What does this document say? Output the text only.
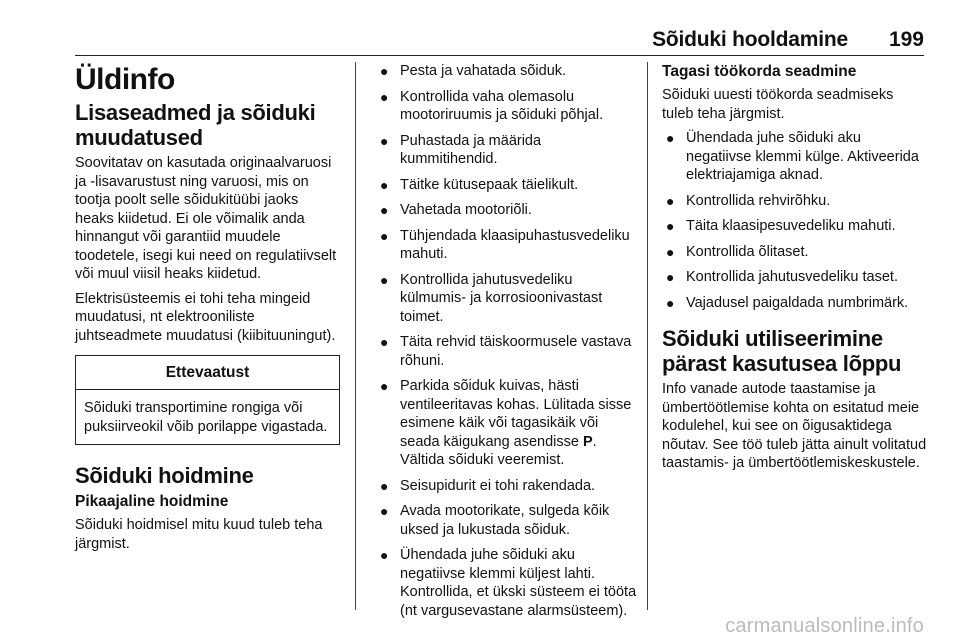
Sõiduki hooldamine 199
Üldinfo
Lisaseadmed ja sõiduki muudatused

Soovitatav on kasutada originaalvaruosi ja -lisavarustust ning varuosi, mis on tootja poolt selle sõidukitüübi jaoks heaks kiidetud. Ei ole võimalik anda hinnangut või garantiid muudele toodetele, isegi kui need on regulatiivselt või muul viisil heaks kiidetud.

Elektrisüsteemis ei tohi teha mingeid muudatusi, nt elektrooniliste juhtseadmete muudatusi (kiibituuningut).

Ettevaatust
Sõiduki transportimine rongiga või puksiirveokil võib porilappe vigastada.
Sõiduki hoidmine
Pikaajaline hoidmine

Sõiduki hoidmisel mitu kuud tuleb teha järgmist.

● Pesta ja vahatada sõiduk.
● Kontrollida vaha olemasolu mootoriruumis ja sõiduki põhjal.
● Puhastada ja määrida kummitihendid.
● Täitke kütusepaak täielikult.
● Vahetada mootoriõli.
● Tühjendada klaasipuhastusvedeliku mahuti.
● Kontrollida jahutusvedeliku külmumis- ja korrosioonivastast toimet.
● Täita rehvid täiskoormusele vastava rõhuni.
● Parkida sõiduk kuivas, hästi ventileeritavas kohas. Lülitada sisse esimene käik või tagasikäik või seada käigukang asendisse P. Vältida sõiduki veeremist.
● Seisupidurit ei tohi rakendada.
● Avada mootorikate, sulgeda kõik uksed ja lukustada sõiduk.
● Ühendada juhe sõiduki aku negatiivse klemmi küljest lahti. Kontrollida, et ükski süsteem ei tööta (nt vargusevastane alarmsüsteem).
Tagasi töökorda seadmine

Sõiduki uuesti töökorda seadmiseks tuleb teha järgmist.

● Ühendada juhe sõiduki aku negatiivse klemmi külge. Aktiveerida elektriajamiga aknad.
● Kontrollida rehvirõhku.
● Täita klaasipesuvedeliku mahuti.
● Kontrollida õlitaset.
● Kontrollida jahutusvedeliku taset.
● Vajadusel paigaldada numbrimärk.
Sõiduki utiliseerimine pärast kasutusea lõppu

Info vanade autode taastamise ja ümbertöötlemise kohta on esitatud meie kodulehel, kui see on õigusaktidega nõutav. See töö tuleb jätta ainult volitatud taastamis- ja ümbertöötlemiskeskustele.

carmanualsonline.info
